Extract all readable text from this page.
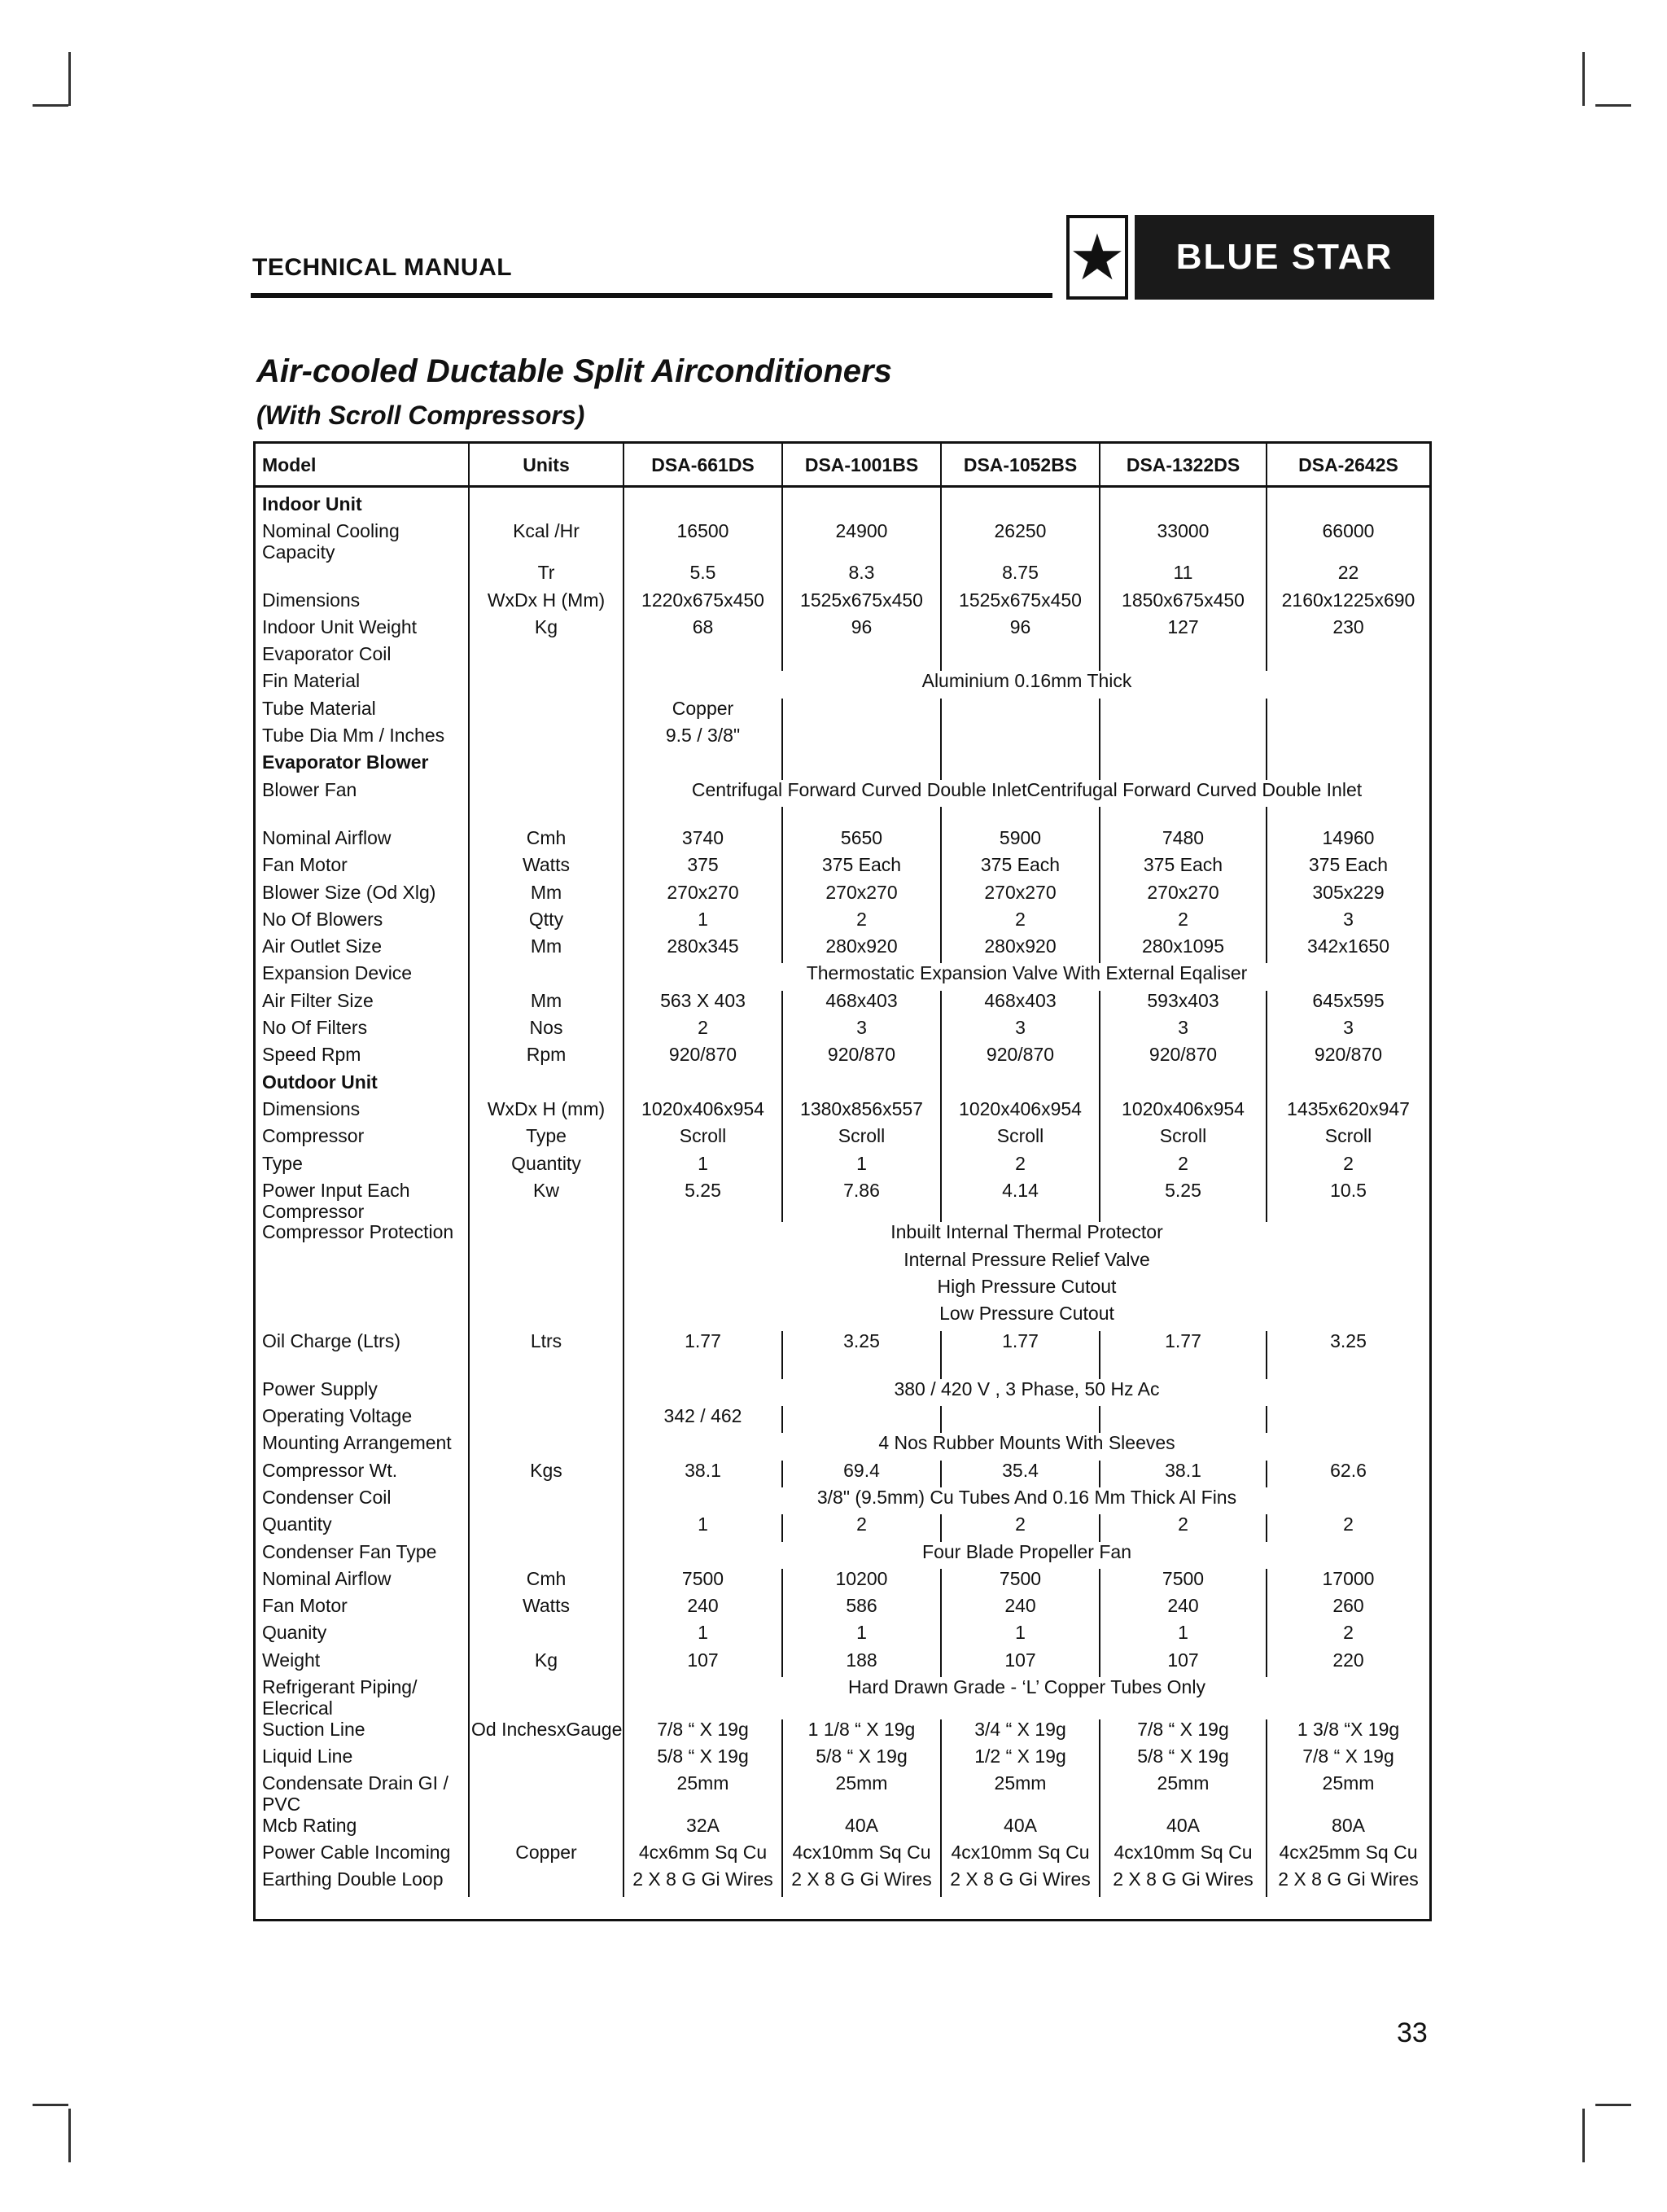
TECHNICAL MANUAL	★	BLUE STAR
Air-cooled Ductable Split Airconditioners
(With Scroll Compressors)
Model	Units	DSA-661DS	DSA-1001BS	DSA-1052BS	DSA-1322DS	DSA-2642S
Indoor Unit						
Nominal Cooling Capacity	Kcal /Hr	16500	24900	26250	33000	66000
	Tr	5.5	8.3	8.75	11	22
Dimensions	WxDx H (Mm)	1220x675x450	1525x675x450	1525x675x450	1850x675x450	2160x1225x690
Indoor Unit Weight	Kg	68	96	96	127	230
Evaporator Coil						
Fin Material		Aluminium 0.16mm Thick				
Tube Material		Copper				
Tube Dia Mm / Inches		9.5 / 3/8"				
Evaporator Blower						
Blower Fan		Centrifugal Forward Curved Double InletCentrifugal Forward Curved Double Inlet				

Nominal Airflow	Cmh	3740	5650	5900	7480	14960
Fan Motor	Watts	375	375 Each	375 Each	375 Each	375 Each
Blower Size (Od Xlg)	Mm	270x270	270x270	270x270	270x270	305x229
No Of Blowers	Qtty	1	2	2	2	3
Air Outlet Size	Mm	280x345	280x920	280x920	280x1095	342x1650
Expansion Device		Thermostatic Expansion Valve With External Eqaliser				
Air Filter Size	Mm	563 X 403	468x403	468x403	593x403	645x595
No Of Filters	Nos	2	3	3	3	3
Speed Rpm	Rpm	920/870	920/870	920/870	920/870	920/870
Outdoor Unit						
Dimensions	WxDx H (mm)	1020x406x954	1380x856x557	1020x406x954	1020x406x954	1435x620x947
Compressor	Type	Scroll	Scroll	Scroll	Scroll	Scroll
Type	Quantity	1	1	2	2	2
Power Input Each Compressor	Kw	5.25	7.86	4.14	5.25	10.5
Compressor Protection		Inbuilt Internal Thermal Protector				
		Internal Pressure Relief Valve				
		High Pressure Cutout				
		Low Pressure Cutout				
Oil Charge (Ltrs)	Ltrs	1.77	3.25	1.77	1.77	3.25

Power Supply		380 / 420 V , 3 Phase, 50 Hz Ac				
Operating Voltage		342 / 462				
Mounting Arrangement		4 Nos Rubber Mounts With Sleeves				
Compressor Wt.	Kgs	38.1	69.4	35.4	38.1	62.6
Condenser Coil		3/8" (9.5mm) Cu Tubes And 0.16 Mm Thick Al Fins				
Quantity		1	2	2	2	2
Condenser Fan Type		Four Blade Propeller Fan				
Nominal Airflow	Cmh	7500	10200	7500	7500	17000
Fan Motor	Watts	240	586	240	240	260
Quanity		1	1	1	1	2
Weight	Kg	107	188	107	107	220
Refrigerant Piping/ Elecrical		Hard Drawn Grade - ‘L’ Copper Tubes Only				
Suction Line	Od InchesxGauge	7/8 “ X 19g	1 1/8 “ X 19g	3/4 “ X 19g	7/8 “ X 19g	1 3/8 “X 19g
Liquid Line		5/8 “ X 19g	5/8 “ X 19g	1/2 “ X 19g	5/8 “ X 19g	7/8 “ X 19g
Condensate Drain GI / PVC		25mm	25mm	25mm	25mm	25mm
Mcb Rating		32A	40A	40A	40A	80A
Power Cable Incoming	Copper	4cx6mm Sq Cu	4cx10mm Sq Cu	4cx10mm Sq Cu	4cx10mm Sq Cu	4cx25mm Sq Cu
Earthing Double Loop		2 X 8 G Gi Wires	2 X 8 G Gi Wires	2 X 8 G Gi Wires	2 X 8 G Gi Wires	2 X 8 G Gi Wires
33
